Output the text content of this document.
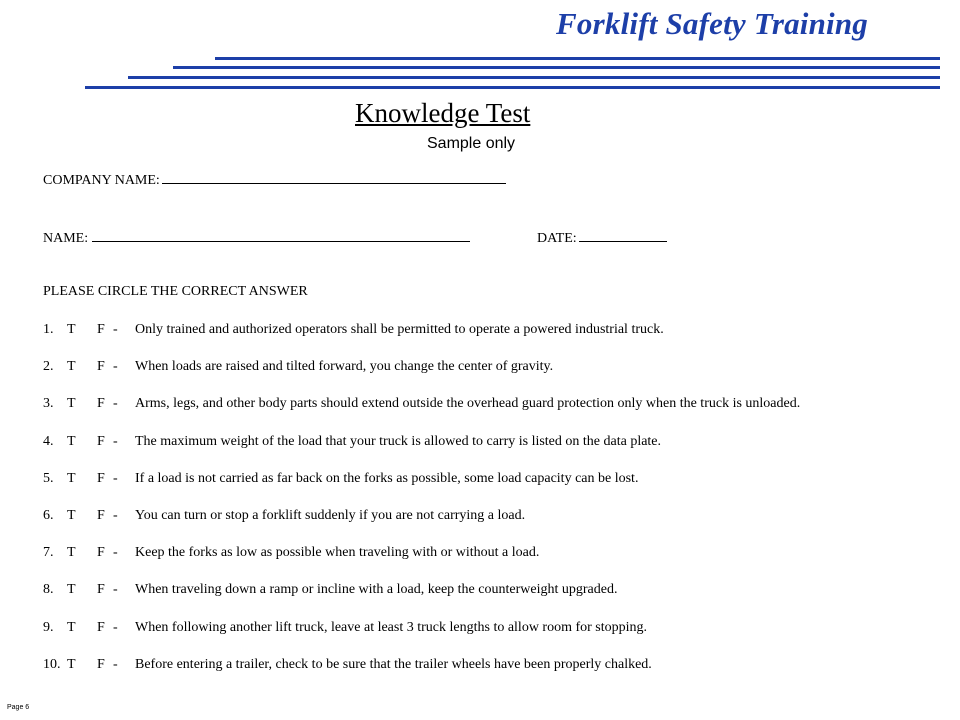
Forklift Safety Training
Knowledge Test
Sample only
COMPANY NAME:
NAME:	DATE:
PLEASE CIRCLE THE CORRECT ANSWER
1. T F - Only trained and authorized operators shall be permitted to operate a powered industrial truck.
2. T F - When loads are raised and tilted forward, you change the center of gravity.
3. T F - Arms, legs, and other body parts should extend outside the overhead guard protection only when the truck is unloaded.
4. T F - The maximum weight of the load that your truck is allowed to carry is listed on the data plate.
5. T F - If a load is not carried as far back on the forks as possible, some load capacity can be lost.
6. T F - You can turn or stop a forklift suddenly if you are not carrying a load.
7. T F - Keep the forks as low as possible when traveling with or without a load.
8. T F - When traveling down a ramp or incline with a load, keep the counterweight upgraded.
9. T F - When following another lift truck, leave at least 3 truck lengths to allow room for stopping.
10. T F - Before entering a trailer, check to be sure that the trailer wheels have been properly chalked.
Page 6
